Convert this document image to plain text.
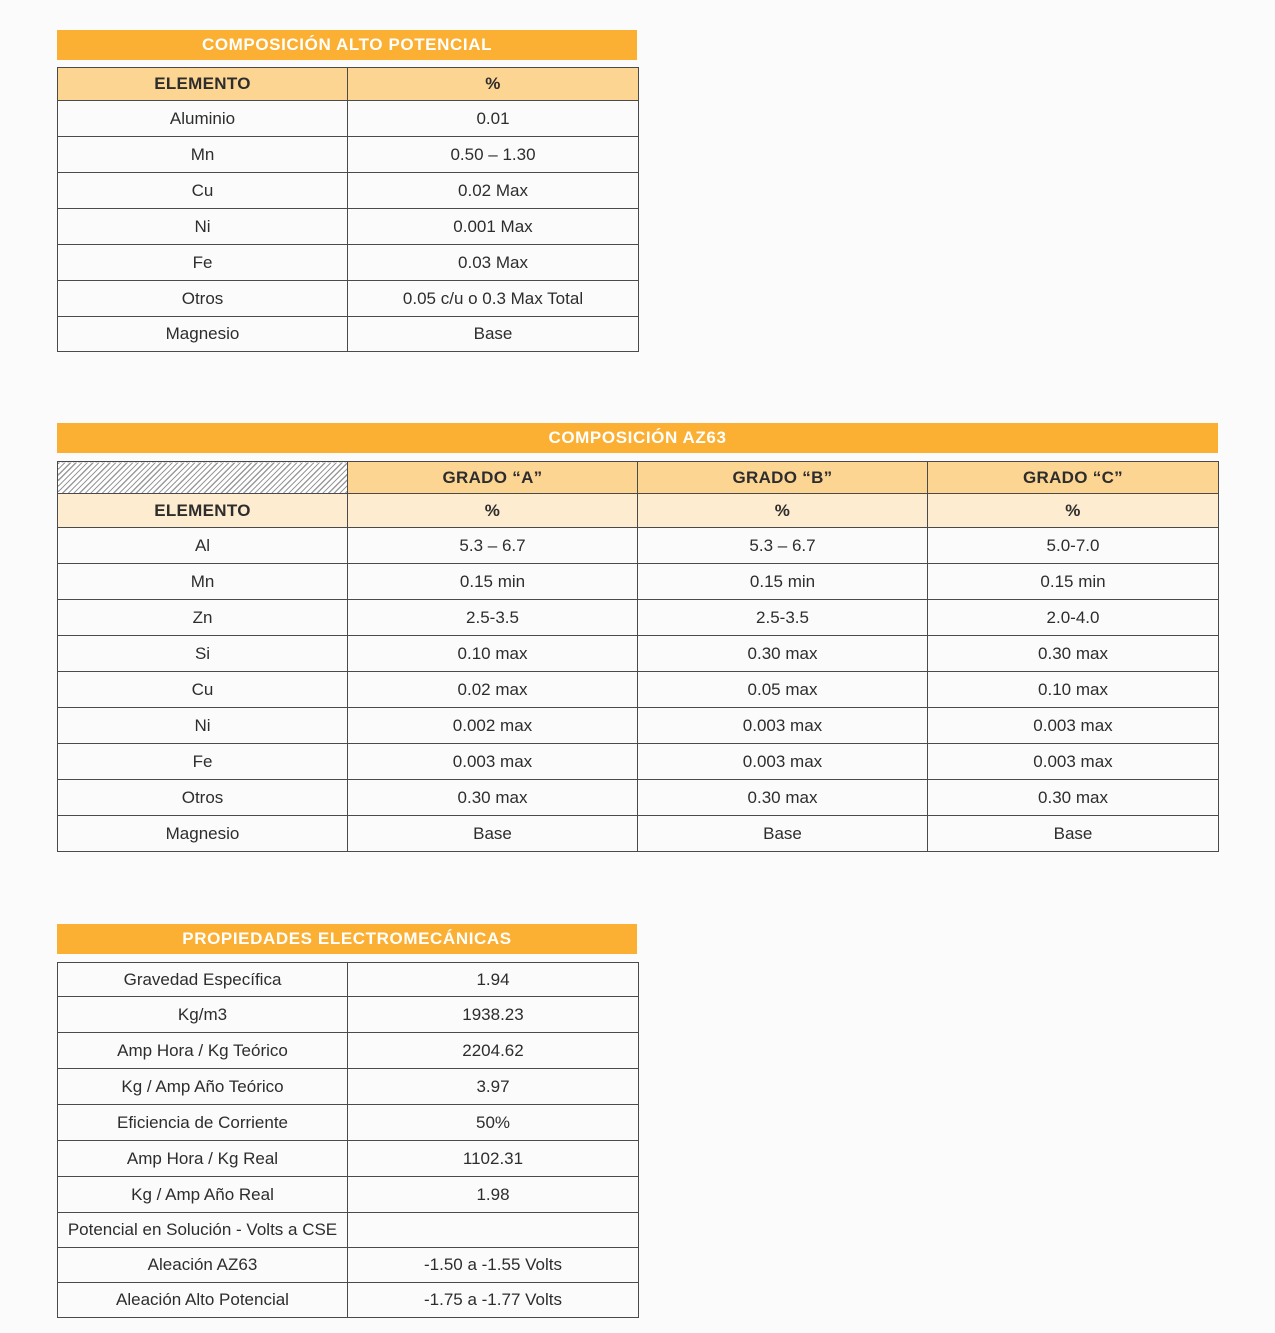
COMPOSICIÓN ALTO POTENCIAL
ELEMENTO	%
Aluminio	0.01
Mn	0.50 – 1.30
Cu	0.02 Max
Ni	0.001 Max
Fe	0.03 Max
Otros	0.05 c/u o 0.3 Max Total
Magnesio	Base
COMPOSICIÓN AZ63
	GRADO “A”	GRADO “B”	GRADO “C”
ELEMENTO	%	%	%
Al	5.3 – 6.7	5.3 – 6.7	5.0-7.0
Mn	0.15 min	0.15 min	0.15 min
Zn	2.5-3.5	2.5-3.5	2.0-4.0
Si	0.10 max	0.30 max	0.30 max
Cu	0.02 max	0.05 max	0.10 max
Ni	0.002 max	0.003 max	0.003 max
Fe	0.003 max	0.003 max	0.003 max
Otros	0.30 max	0.30 max	0.30 max
Magnesio	Base	Base	Base
PROPIEDADES ELECTROMECÁNICAS
Gravedad Específica	1.94
Kg/m3	1938.23
Amp Hora / Kg Teórico	2204.62
Kg / Amp Año Teórico	3.97
Eficiencia de Corriente	50%
Amp Hora / Kg Real	1102.31
Kg / Amp Año Real	1.98
Potencial en Solución - Volts a CSE	
Aleación AZ63	-1.50 a -1.55 Volts
Aleación Alto Potencial	-1.75 a -1.77 Volts
